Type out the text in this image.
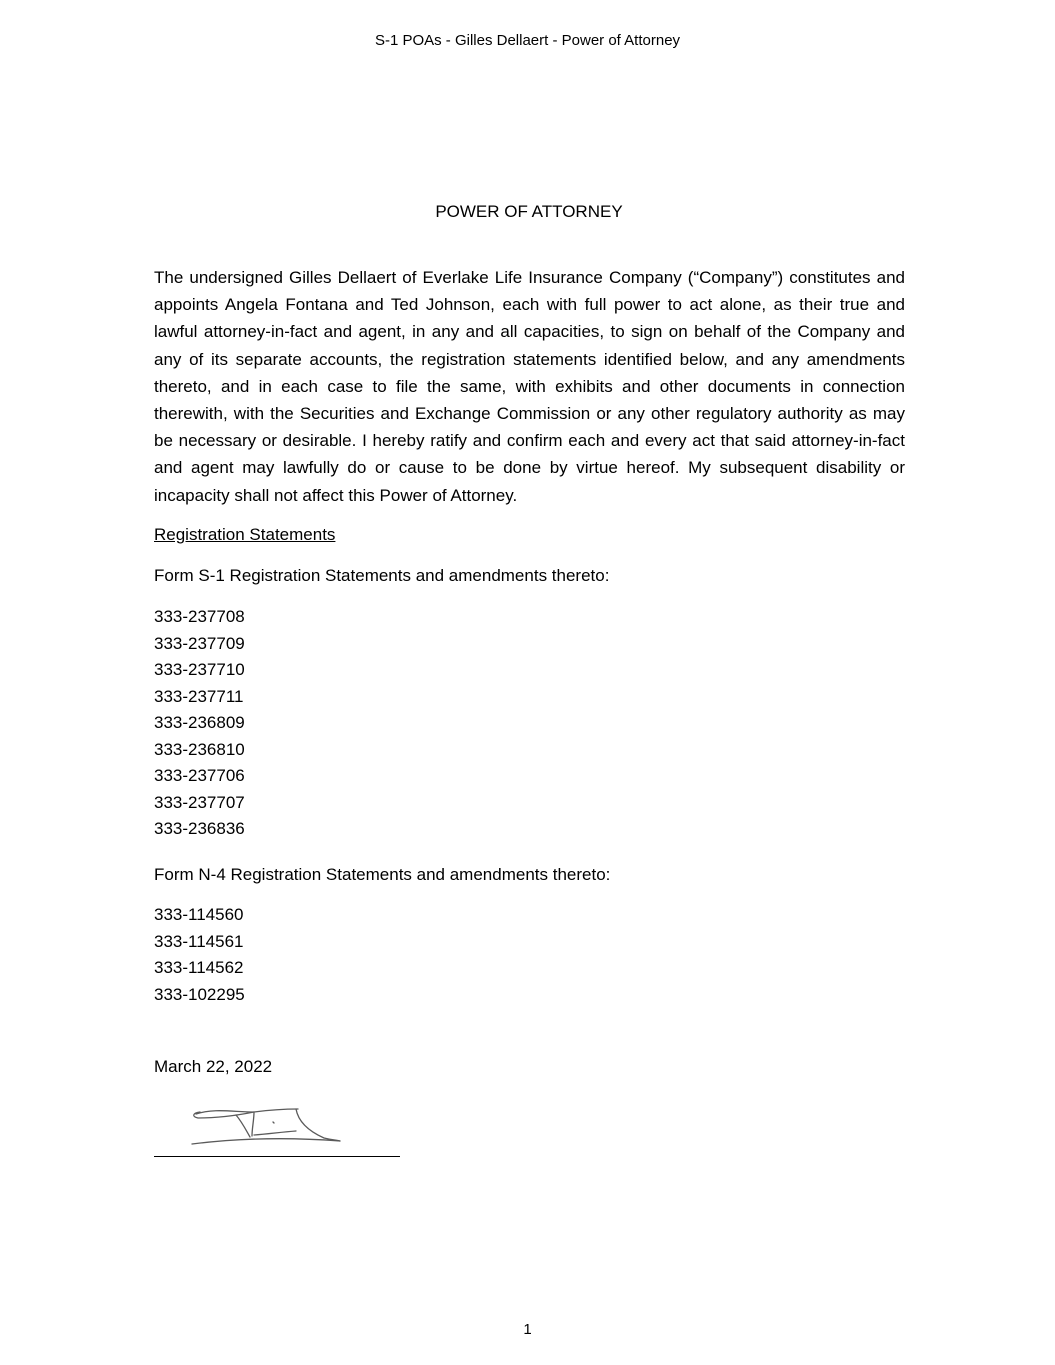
S-1 POAs - Gilles Dellaert - Power of Attorney
POWER OF ATTORNEY

The undersigned Gilles Dellaert of Everlake Life Insurance Company (“Company”) constitutes and appoints Angela Fontana and Ted Johnson, each with full power to act alone, as their true and lawful attorney-in-fact and agent, in any and all capacities, to sign on behalf of the Company and any of its separate accounts, the registration statements identified below, and any amendments thereto, and in each case to file the same, with exhibits and other documents in connection therewith, with the Securities and Exchange Commission or any other regulatory authority as may be necessary or desirable. I hereby ratify and confirm each and every act that said attorney-in-fact and agent may lawfully do or cause to be done by virtue hereof. My subsequent disability or incapacity shall not affect this Power of Attorney.

Registration Statements
Form S-1 Registration Statements and amendments thereto:
333-237708
333-237709
333-237710
333-237711
333-236809
333-236810
333-237706
333-237707
333-236836
Form N-4 Registration Statements and amendments thereto:
333-114560
333-114561
333-114562
333-102295
March 22, 2022
1
